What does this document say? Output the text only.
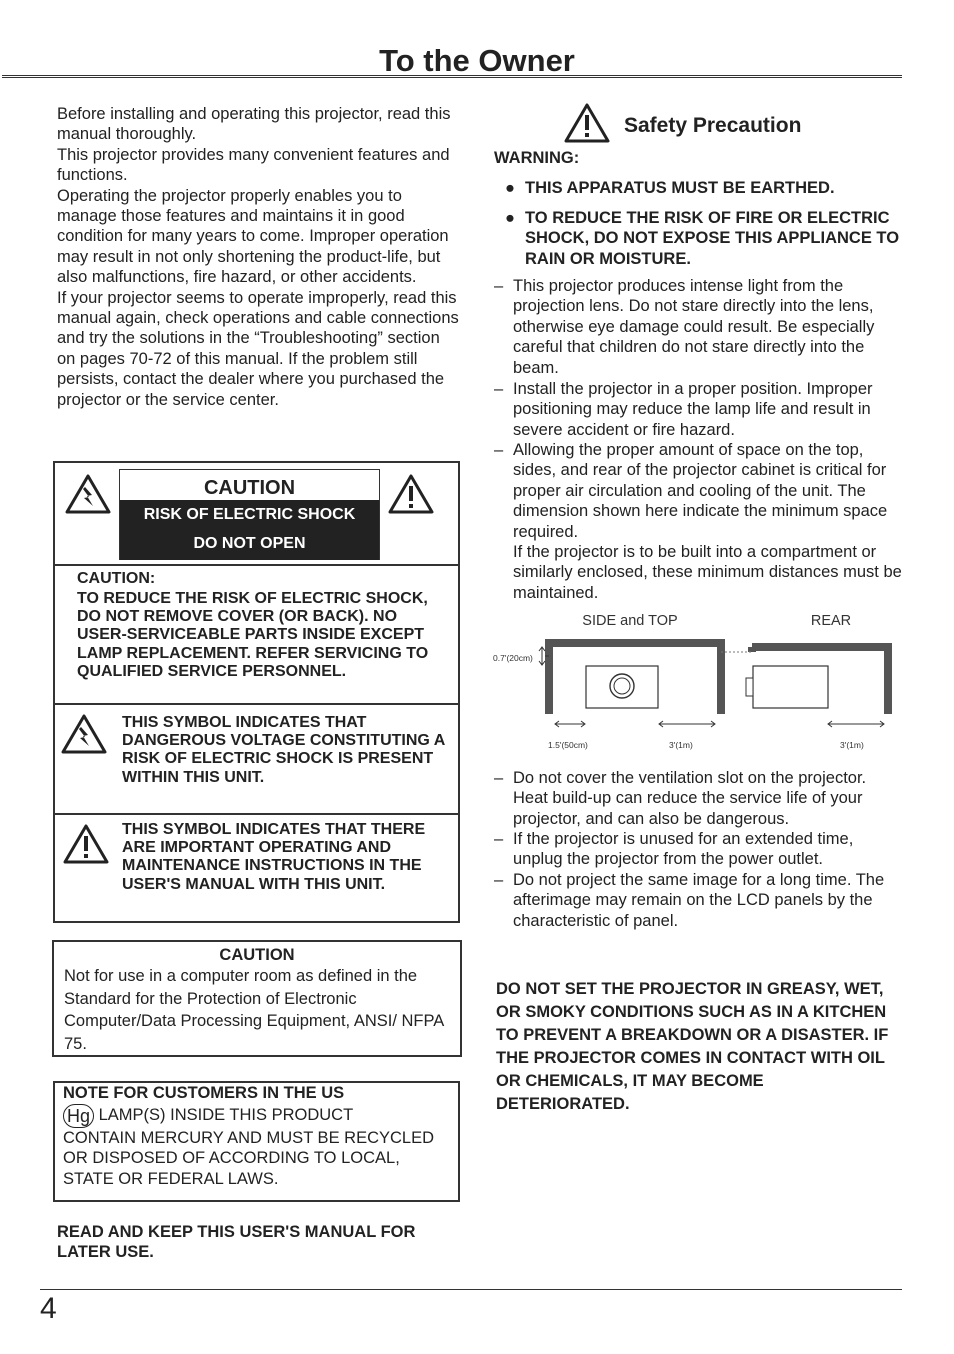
To the Owner

Before installing and operating this projector, read this manual thoroughly.

This projector provides many convenient features and functions.

Operating the projector properly enables you to manage those features and maintains it in good condition for many years to come. Improper operation may result in not only shortening the product-life, but also malfunctions, fire hazard, or other accidents.

If your projector seems to operate improperly, read this manual again, check operations and cable connections and try the solutions in the “Troubleshooting” section on pages 70-72 of this manual. If the problem still persists, contact the dealer where you purchased the projector or the service center.

CAUTION
RISK OF ELECTRIC SHOCK
DO NOT OPEN
CAUTION:
TO REDUCE THE RISK OF ELECTRIC SHOCK, DO NOT REMOVE COVER (OR BACK). NO USER-SERVICEABLE PARTS INSIDE EXCEPT LAMP REPLACEMENT. REFER SERVICING TO QUALIFIED SERVICE PERSONNEL.
THIS SYMBOL INDICATES THAT DANGEROUS VOLTAGE CONSTITUTING A RISK OF ELECTRIC SHOCK IS PRESENT WITHIN THIS UNIT.
THIS SYMBOL INDICATES THAT THERE ARE IMPORTANT OPERATING AND MAINTENANCE INSTRUCTIONS IN THE USER'S MANUAL WITH THIS UNIT.
CAUTION
Not for use in a computer room as defined in the Standard for the Protection of Electronic Computer/Data Processing Equipment, ANSI/ NFPA 75.
NOTE FOR CUSTOMERS IN THE US
Hg LAMP(S) INSIDE THIS PRODUCT
CONTAIN MERCURY AND MUST BE RECYCLED OR DISPOSED OF ACCORDING TO LOCAL, STATE OR FEDERAL LAWS.
READ AND KEEP THIS USER'S MANUAL FOR LATER USE.
Safety Precaution
WARNING:
● THIS APPARATUS MUST BE EARTHED.
● TO REDUCE THE RISK OF FIRE OR ELECTRIC SHOCK, DO NOT EXPOSE THIS APPLIANCE TO RAIN OR MOISTURE.
– This projector produces intense light from the projection lens. Do not stare directly into the lens, otherwise eye damage could result. Be especially careful that children do not stare directly into the beam.
– Install the projector in a proper position. Improper positioning may reduce the lamp life and result in severe accident or fire hazard.
– Allowing the proper amount of space on the top, sides, and rear of the projector cabinet is critical for proper air circulation and cooling of the unit. The dimension shown here indicate the minimum space required.
If the projector is to be built into a compartment or similarly enclosed, these minimum distances must be maintained.
SIDE and TOP	REAR
0.7'(20cm)
1.5'(50cm)	3'(1m)	3'(1m)
– Do not cover the ventilation slot on the projector. Heat build-up can reduce the service life of your projector, and can also be dangerous.
– If the projector is unused for an extended time, unplug the projector from the power outlet.
– Do not project the same image for a long time. The afterimage may remain on the LCD panels by the characteristic of panel.
DO NOT SET THE PROJECTOR IN GREASY, WET, OR SMOKY CONDITIONS SUCH AS IN A KITCHEN TO PREVENT A BREAKDOWN OR A DISASTER. IF THE PROJECTOR COMES IN CONTACT WITH OIL OR CHEMICALS, IT MAY BECOME DETERIORATED.
4
